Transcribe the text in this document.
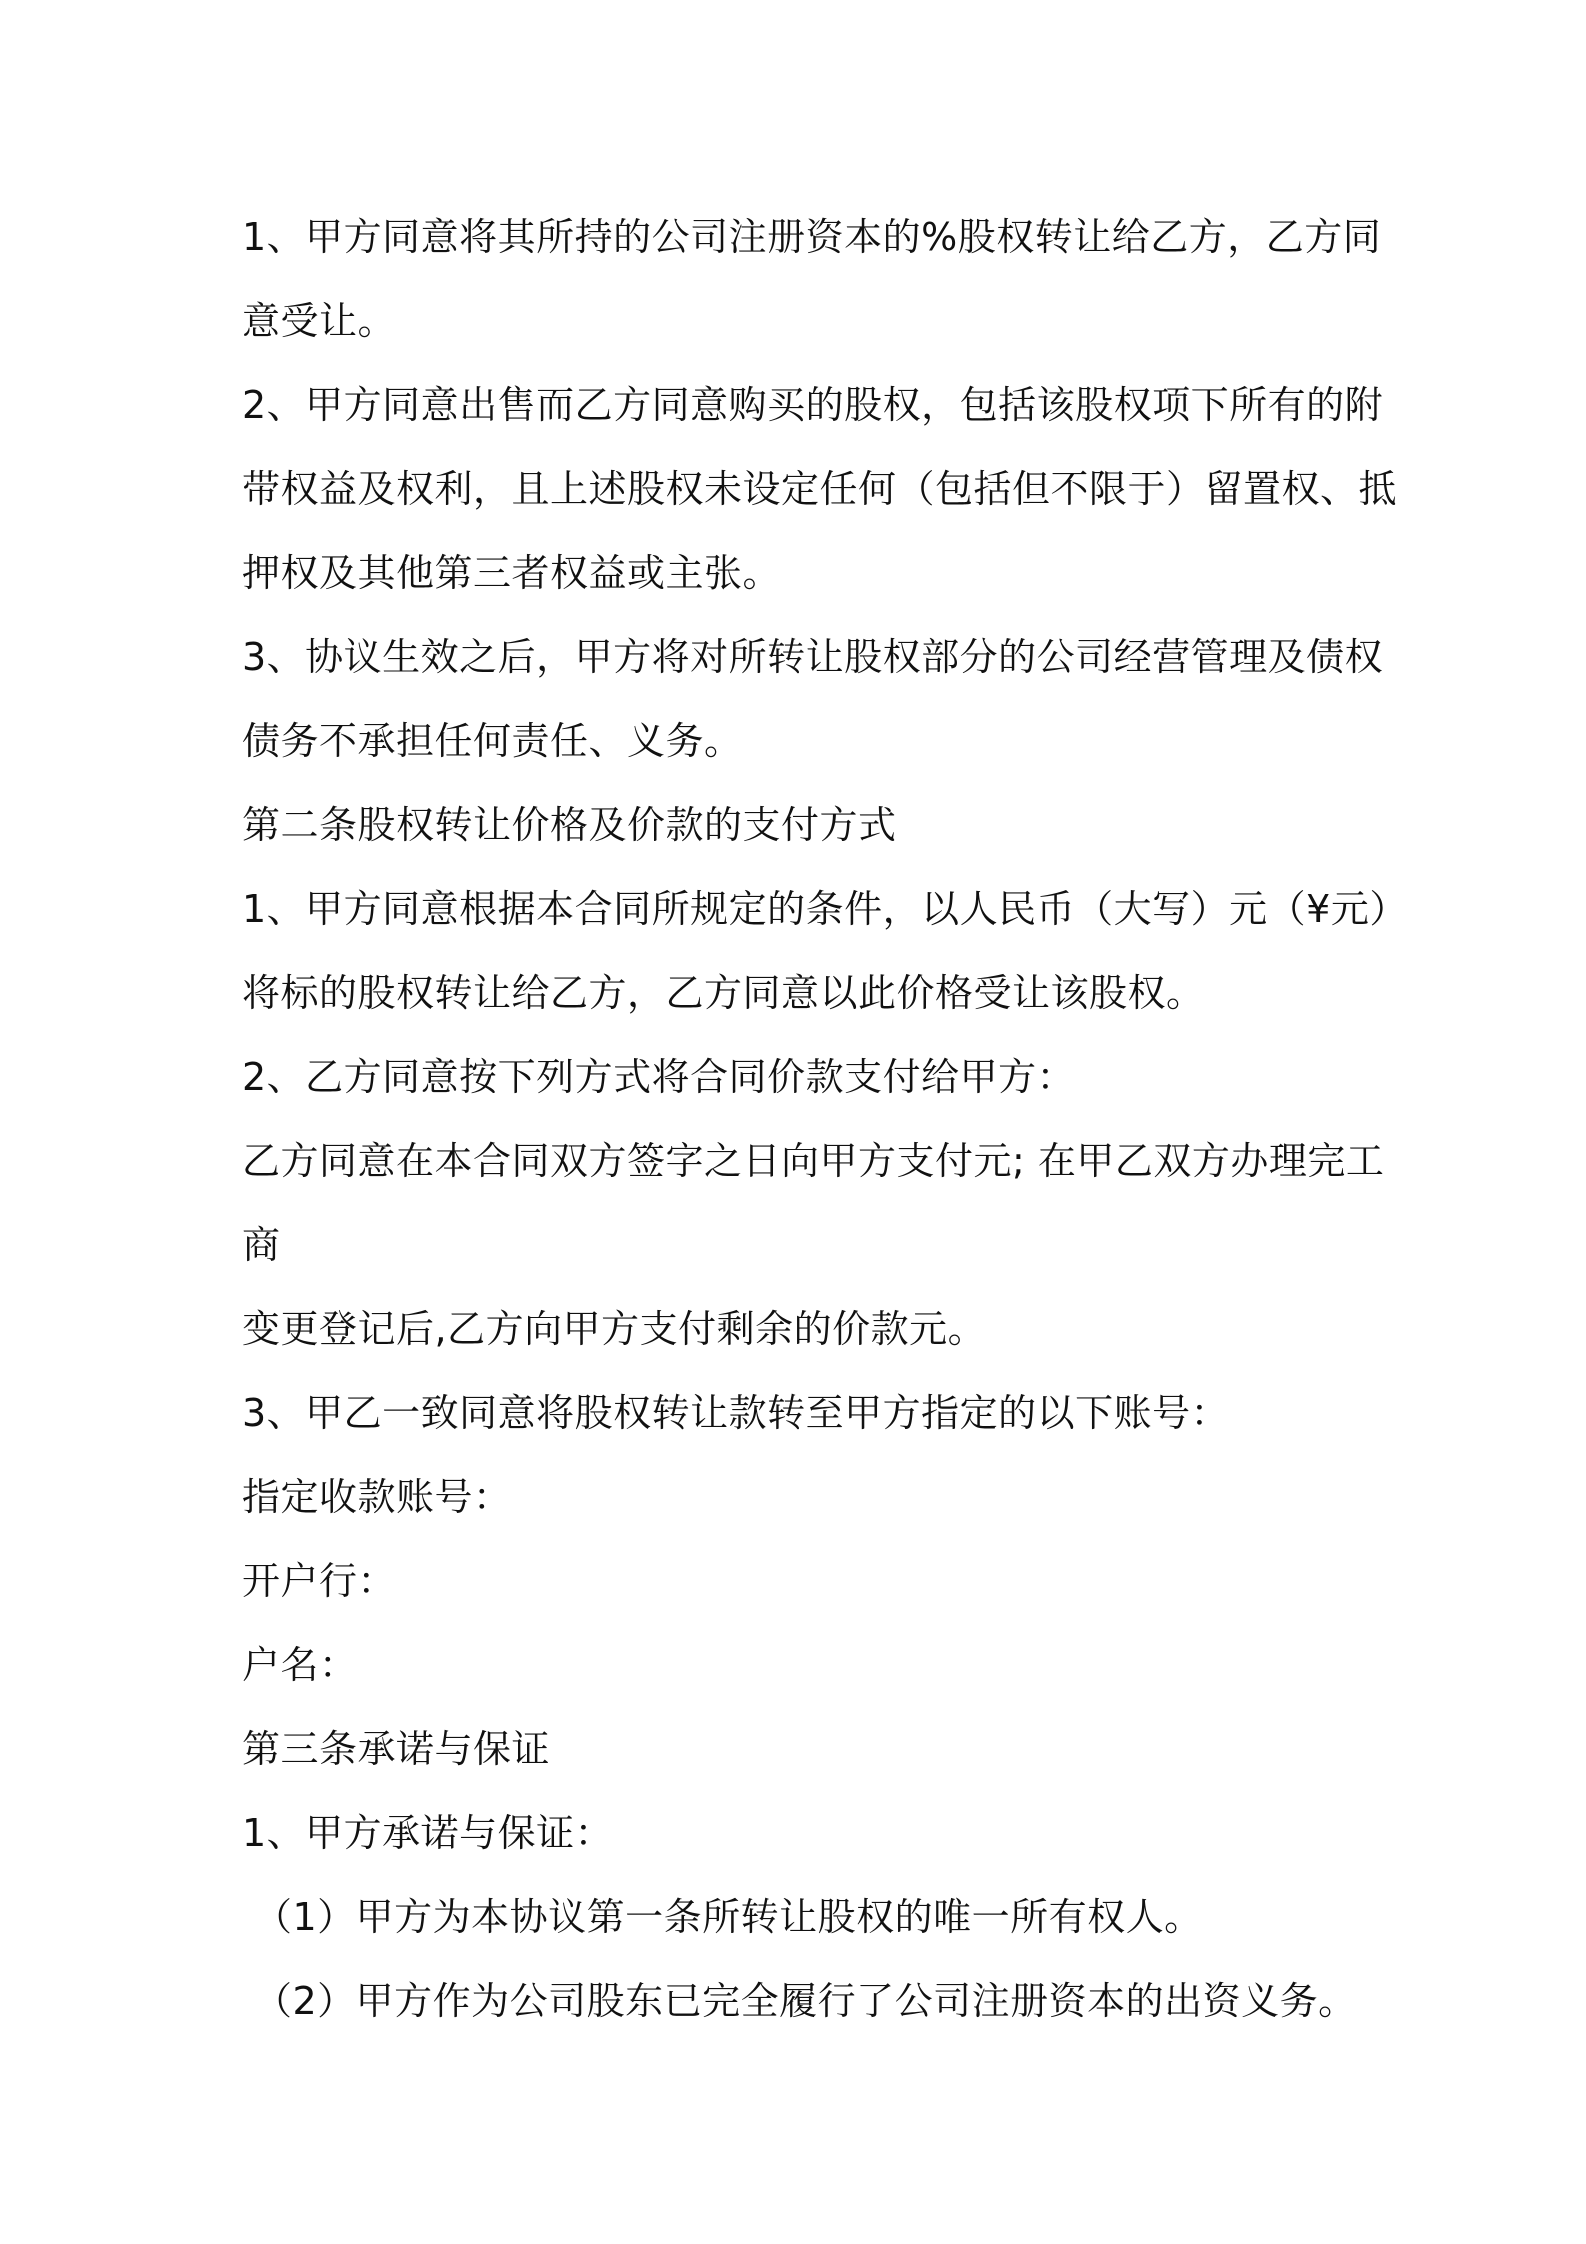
1、甲方同意将其所持的公司注册资本的%股权转让给乙方，乙方同
意受让。
2、甲方同意出售而乙方同意购买的股权，包括该股权项下所有的附
带权益及权利，且上述股权未设定任何（包括但不限于）留置权、抵
押权及其他第三者权益或主张。
3、协议生效之后，甲方将对所转让股权部分的公司经营管理及债权
债务不承担任何责任、义务。
第二条股权转让价格及价款的支付方式
1、甲方同意根据本合同所规定的条件，以人民币（大写）元（¥元）
将标的股权转让给乙方，乙方同意以此价格受让该股权。
2、乙方同意按下列方式将合同价款支付给甲方：
乙方同意在本合同双方签字之日向甲方支付元; 在甲乙双方办理完工
商
变更登记后,乙方向甲方支付剩余的价款元。
3、甲乙一致同意将股权转让款转至甲方指定的以下账号：
指定收款账号：
开户行：
户名：
第三条承诺与保证
1、甲方承诺与保证：
（1）甲方为本协议第一条所转让股权的唯一所有权人。
（2）甲方作为公司股东已完全履行了公司注册资本的出资义务。
